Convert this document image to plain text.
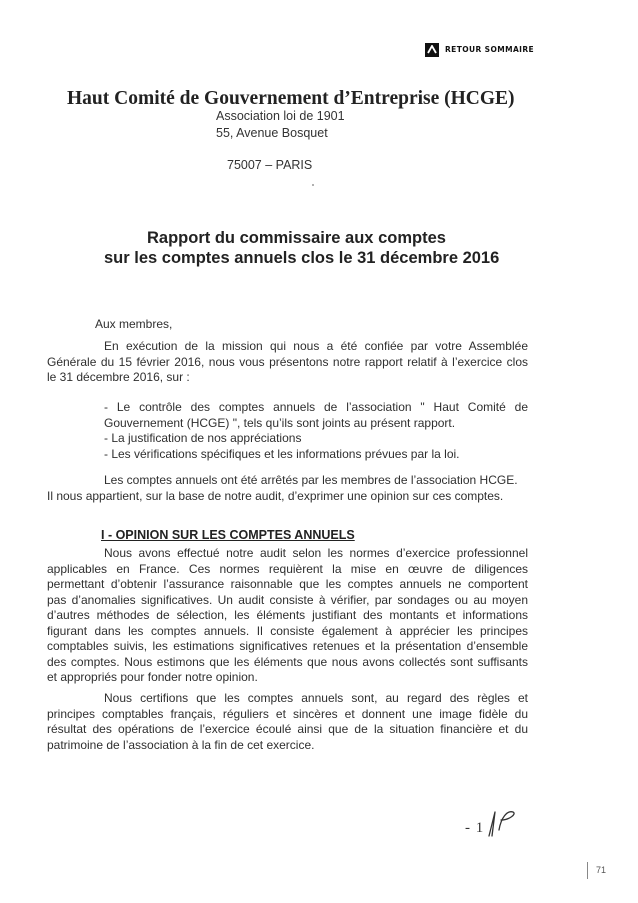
RETOUR SOMMAIRE
Haut Comité de Gouvernement d’Entreprise (HCGE)
Association loi de 1901
55, Avenue Bosquet
75007 – PARIS
Rapport du commissaire aux comptes
sur les comptes annuels clos le 31 décembre 2016
Aux membres,
En exécution de la mission qui nous a été confiée par votre Assemblée
Générale du 15 février 2016, nous vous présentons notre rapport relatif à l’exercice clos
le 31 décembre 2016, sur :
- Le contrôle des comptes annuels de l’association " Haut Comité de
Gouvernement (HCGE) ", tels qu’ils sont joints au présent rapport.
- La justification de nos appréciations
- Les vérifications spécifiques et les informations prévues par la loi.
Les comptes annuels ont été arrêtés par les membres de l’association HCGE.
Il nous appartient, sur la base de notre audit, d’exprimer une opinion sur ces comptes.
I - OPINION SUR LES COMPTES ANNUELS
Nous avons effectué notre audit selon les normes d’exercice professionnel
applicables en France. Ces normes requièrent la mise en œuvre de diligences
permettant d’obtenir l’assurance raisonnable que les comptes annuels ne comportent
pas d’anomalies significatives. Un audit consiste à vérifier, par sondages ou au moyen
d’autres méthodes de sélection, les éléments justifiant des montants et informations
figurant dans les comptes annuels. Il consiste également à apprécier les principes
comptables suivis, les estimations significatives retenues et la présentation d’ensemble
des comptes. Nous estimons que les éléments que nous avons collectés sont suffisants
et appropriés pour fonder notre opinion.
Nous certifions que les comptes annuels sont, au regard des règles et
principes comptables français, réguliers et sincères et donnent une image fidèle du
résultat des opérations de l’exercice écoulé ainsi que de la situation financière et du
patrimoine de l’association à la fin de cet exercice.
- 1
71
